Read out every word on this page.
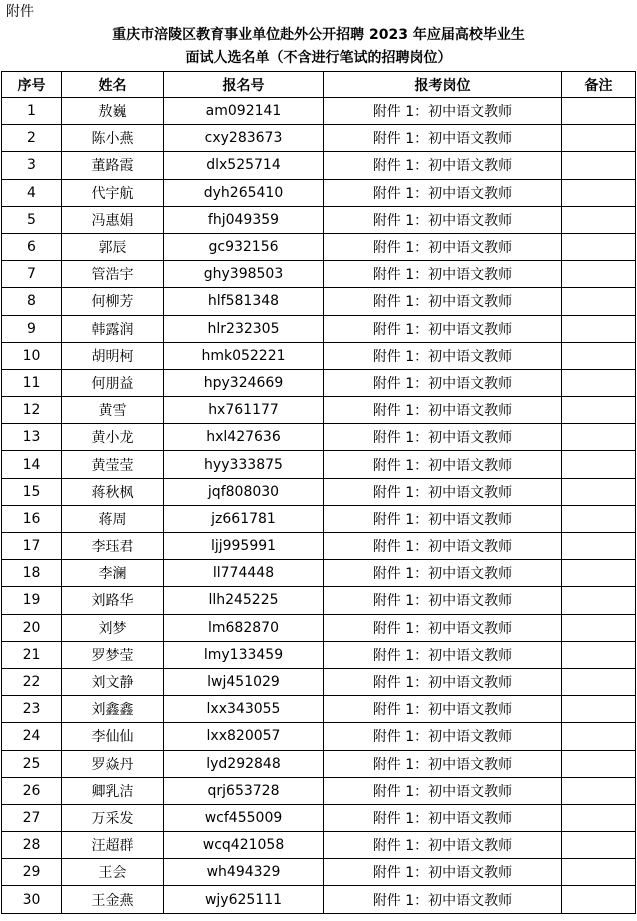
附件
重庆市涪陵区教育事业单位赴外公开招聘 2023 年应届高校毕业生
面试人选名单（不含进行笔试的招聘岗位）
序号	姓名	报名号	报考岗位	备注
1	敖巍	am092141	附件 1：初中语文教师	
2	陈小燕	cxy283673	附件 1：初中语文教师	
3	董路霞	dlx525714	附件 1：初中语文教师	
4	代宇航	dyh265410	附件 1：初中语文教师	
5	冯惠娟	fhj049359	附件 1：初中语文教师	
6	郭辰	gc932156	附件 1：初中语文教师	
7	管浩宇	ghy398503	附件 1：初中语文教师	
8	何柳芳	hlf581348	附件 1：初中语文教师	
9	韩露润	hlr232305	附件 1：初中语文教师	
10	胡明柯	hmk052221	附件 1：初中语文教师	
11	何朋益	hpy324669	附件 1：初中语文教师	
12	黄雪	hx761177	附件 1：初中语文教师	
13	黄小龙	hxl427636	附件 1：初中语文教师	
14	黄莹莹	hyy333875	附件 1：初中语文教师	
15	蒋秋枫	jqf808030	附件 1：初中语文教师	
16	蒋周	jz661781	附件 1：初中语文教师	
17	李珏君	ljj995991	附件 1：初中语文教师	
18	李澜	ll774448	附件 1：初中语文教师	
19	刘路华	llh245225	附件 1：初中语文教师	
20	刘梦	lm682870	附件 1：初中语文教师	
21	罗梦莹	lmy133459	附件 1：初中语文教师	
22	刘文静	lwj451029	附件 1：初中语文教师	
23	刘鑫鑫	lxx343055	附件 1：初中语文教师	
24	李仙仙	lxx820057	附件 1：初中语文教师	
25	罗焱丹	lyd292848	附件 1：初中语文教师	
26	卿乳洁	qrj653728	附件 1：初中语文教师	
27	万采发	wcf455009	附件 1：初中语文教师	
28	汪超群	wcq421058	附件 1：初中语文教师	
29	王会	wh494329	附件 1：初中语文教师	
30	王金燕	wjy625111	附件 1：初中语文教师	
